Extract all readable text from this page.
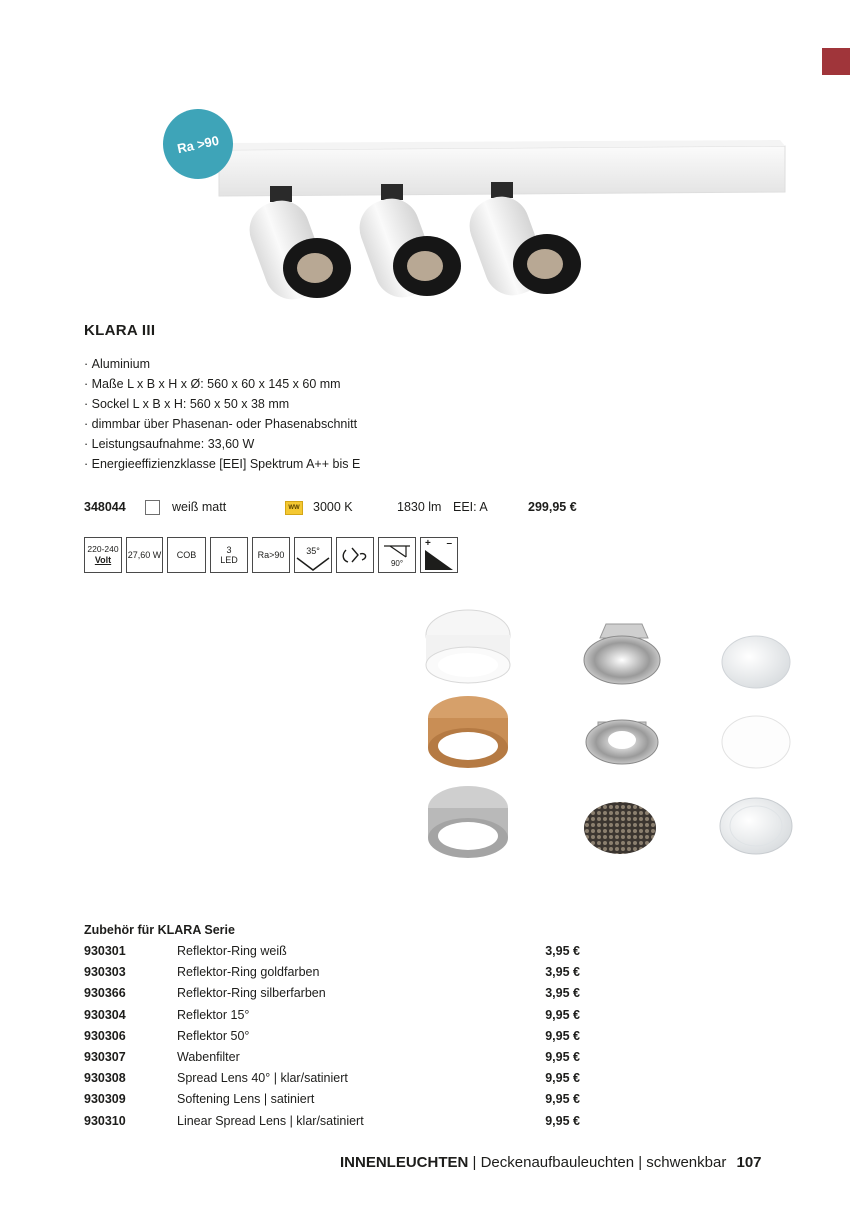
Ra >90
KLARA III
· Aluminium
· Maße L x B x H x Ø: 560 x 60 x 145 x 60 mm
· Sockel L x B x H: 560 x 50 x 38 mm
· dimmbar über Phasenan- oder Phasenabschnitt
· Leistungsaufnahme: 33,60 W
· Energieeffizienzklasse [EEI] Spektrum A++ bis E
348044	weiß matt	WW 3000 K	1830 lm EEI: A	299,95 €
220-240
Volt 27,60 W COB	3
LED Ra>90 35°
90°
+ –
Zubehör für KLARA Serie
930301	Reflektor-Ring weiß	3,95 €
930303	Reflektor-Ring goldfarben	3,95 €
930366	Reflektor-Ring silberfarben	3,95 €
930304	Reflektor 15°	9,95 €
930306	Reflektor 50°	9,95 €
930307	Wabenfilter	9,95 €
930308	Spread Lens 40° | klar/satiniert	9,95 €
930309	Softening Lens | satiniert	9,95 €
930310	Linear Spread Lens | klar/satiniert	9,95 €
INNENLEUCHTEN | Deckenaufbauleuchten | schwenkbar 107
